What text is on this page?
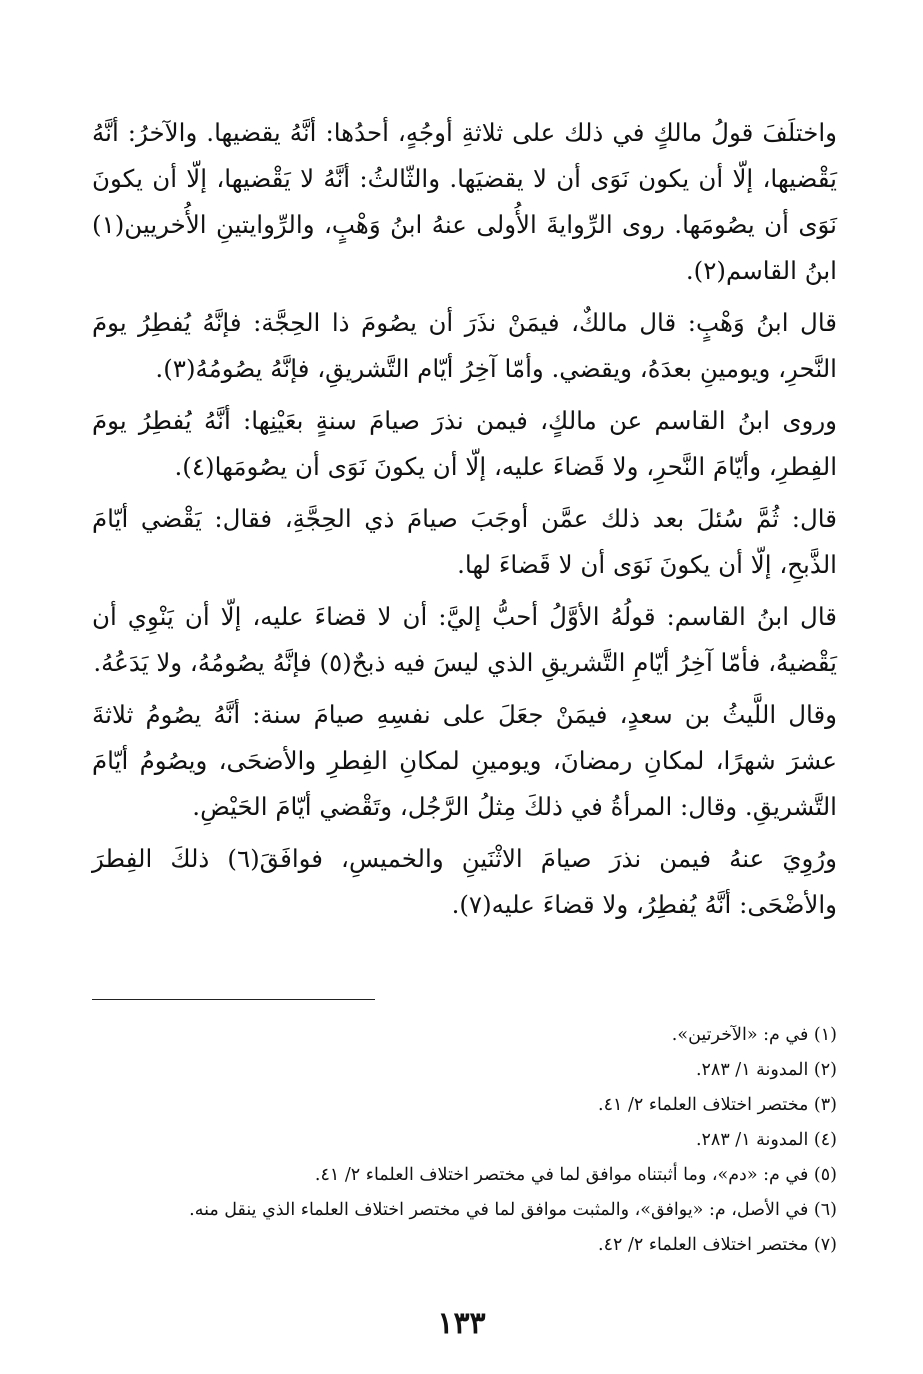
واختلَفَ قولُ مالكٍ في ذلك على ثلاثةِ أوجُهٍ، أحدُها: أنَّهُ يقضيها. والآخرُ: أنَّهُ يَقْضيها، إلّا أن يكون نَوَى أن لا يقضيَها. والثّالثُ: أنَّهُ لا يَقْضيها، إلّا أن يكونَ نَوَى أن يصُومَها. روى الرِّوايةَ الأُولى عنهُ ابنُ وَهْبٍ، والرِّوايتينِ الأُخريين(١) ابنُ القاسم(٢).

قال ابنُ وَهْبٍ: قال مالكٌ، فيمَنْ نذَرَ أن يصُومَ ذا الحِجَّة: فإنَّهُ يُفطِرُ يومَ النَّحرِ، ويومينِ بعدَهُ، ويقضي. وأمّا آخِرُ أيّام التَّشريقِ، فإنَّهُ يصُومُهُ(٣).

وروى ابنُ القاسم عن مالكٍ، فيمن نذرَ صيامَ سنةٍ بعَيْنِها: أنَّهُ يُفطِرُ يومَ الفِطرِ، وأيّامَ النَّحرِ، ولا قَضاءَ عليه، إلّا أن يكونَ نَوَى أن يصُومَها(٤).

قال: ثُمَّ سُئلَ بعد ذلك عمَّن أوجَبَ صيامَ ذي الحِجَّةِ، فقال: يَقْضي أيّامَ الذَّبحِ، إلّا أن يكونَ نَوَى أن لا قَضاءَ لها.

قال ابنُ القاسم: قولُهُ الأوَّلُ أحبُّ إليَّ: أن لا قضاءَ عليه، إلّا أن يَنْوِي أن يَقْضيهُ، فأمّا آخِرُ أيّامِ التَّشريقِ الذي ليسَ فيه ذبحٌ(٥) فإنَّهُ يصُومُهُ، ولا يَدَعُهُ.

وقال اللَّيثُ بن سعدٍ، فيمَنْ جعَلَ على نفسِهِ صيامَ سنة: أنَّهُ يصُومُ ثلاثةَ عشرَ شهرًا، لمكانِ رمضانَ، ويومينِ لمكانِ الفِطرِ والأضحَى، ويصُومُ أيّامَ التَّشريقِ. وقال: المرأةُ في ذلكَ مِثلُ الرَّجُل، وتَقْضي أيّامَ الحَيْضِ.

ورُوِيَ عنهُ فيمن نذرَ صيامَ الاثْنَينِ والخميسِ، فوافَقَ(٦) ذلكَ الفِطرَ والأضْحَى: أنَّهُ يُفطِرُ، ولا قضاءَ عليه(٧).

(١) في م: «الآخرتين».
(٢) المدونة ١/ ٢٨٣.
(٣) مختصر اختلاف العلماء ٢/ ٤١.
(٤) المدونة ١/ ٢٨٣.
(٥) في م: «دم»، وما أثبتناه موافق لما في مختصر اختلاف العلماء ٢/ ٤١.
(٦) في الأصل، م: «يوافق»، والمثبت موافق لما في مختصر اختلاف العلماء الذي ينقل منه.
(٧) مختصر اختلاف العلماء ٢/ ٤٢.
١٣٣
